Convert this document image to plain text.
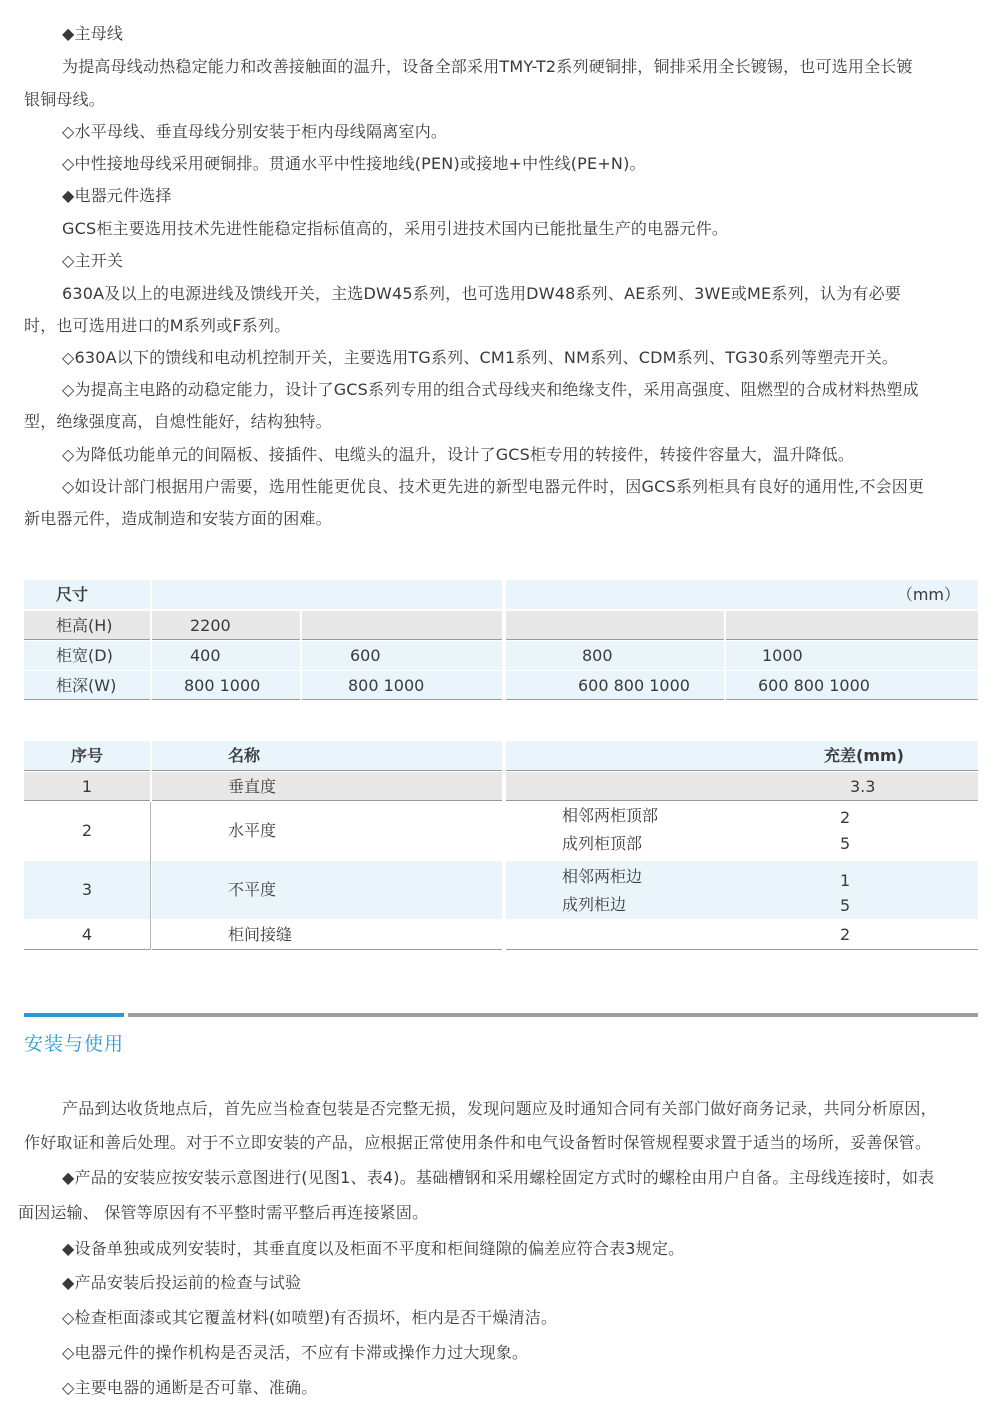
◆主母线

为提高母线动热稳定能力和改善接触面的温升，设备全部采用TMY-T2系列硬铜排，铜排采用全长镀锡，也可选用全长镀

银铜母线。

◇水平母线、垂直母线分别安装于柜内母线隔离室内。

◇中性接地母线采用硬铜排。贯通水平中性接地线(PEN)或接地+中性线(PE+N)。

◆电器元件选择

GCS柜主要选用技术先进性能稳定指标值高的，采用引进技术国内已能批量生产的电器元件。

◇主开关

630A及以上的电源进线及馈线开关，主选DW45系列，也可选用DW48系列、AE系列、3WE或ME系列，认为有必要

时，也可选用进口的M系列或F系列。

◇630A以下的馈线和电动机控制开关，主要选用TG系列、CM1系列、NM系列、CDM系列、TG30系列等塑壳开关。

◇为提高主电路的动稳定能力，设计了GCS系列专用的组合式母线夹和绝缘支件，采用高强度、阻燃型的合成材料热塑成

型，绝缘强度高，自熄性能好，结构独特。

◇为降低功能单元的间隔板、接插件、电缆头的温升，设计了GCS柜专用的转接件，转接件容量大，温升降低。

◇如设计部门根据用户需要，选用性能更优良、技术更先进的新型电器元件时，因GCS系列柜具有良好的通用性,不会因更

新电器元件，造成制造和安装方面的困难。

尺寸	（mm）
柜高(H)	2200
柜宽(D)	400	600	800	1000
柜深(W)	800 1000	800 1000	600 800 1000	600 800 1000
序号	名称	充差(mm)
1	垂直度	3.3
2	水平度
相邻两柜顶部	2
成列柜顶部	5
3	不平度
相邻两柜边	1
成列柜边	5
4	柜间接缝	2
安装与使用

产品到达收货地点后，首先应当检查包装是否完整无损，发现问题应及时通知合同有关部门做好商务记录，共同分析原因，

作好取证和善后处理。对于不立即安装的产品，应根据正常使用条件和电气设备暂时保管规程要求置于适当的场所，妥善保管。

◆产品的安装应按安装示意图进行(见图1、表4)。基础槽钢和采用螺栓固定方式时的螺栓由用户自备。主母线连接时，如表

面因运输、 保管等原因有不平整时需平整后再连接紧固。

◆设备单独或成列安装时，其垂直度以及柜面不平度和柜间缝隙的偏差应符合表3规定。

◆产品安装后投运前的检查与试验

◇检查柜面漆或其它覆盖材料(如喷塑)有否损坏，柜内是否干燥清洁。

◇电器元件的操作机构是否灵活，不应有卡滞或操作力过大现象。

◇主要电器的通断是否可靠、准确。
